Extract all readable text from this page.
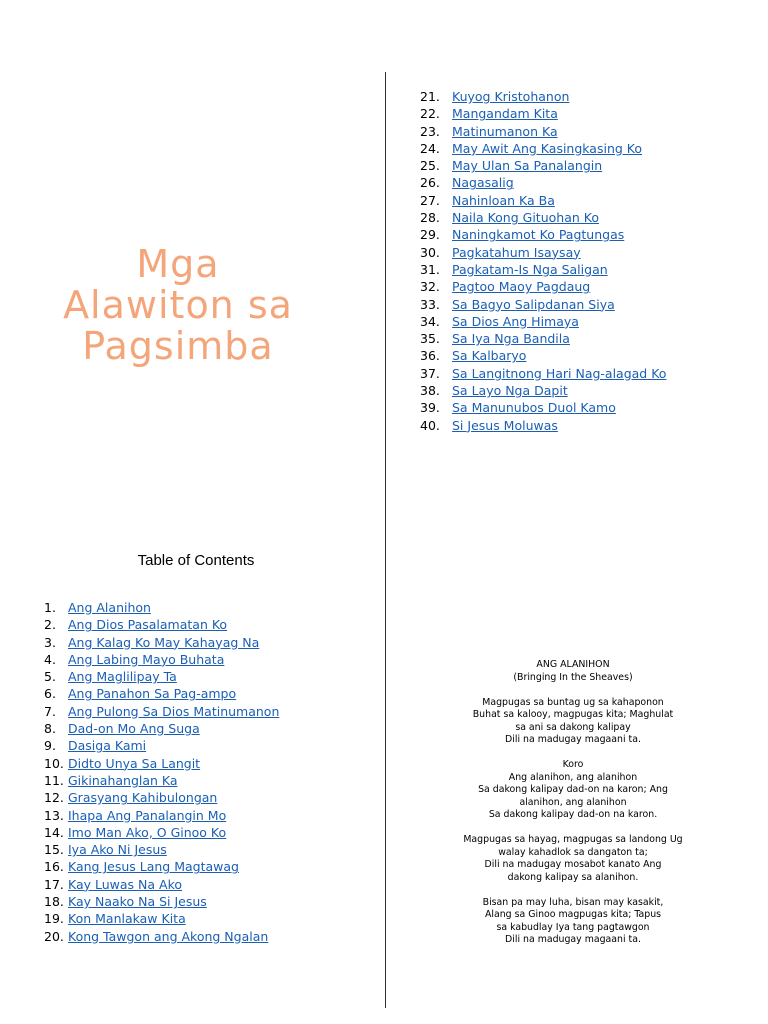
Mga
Alawiton sa
Pagsimba
Table of Contents
1. Ang Alanihon
2. Ang Dios Pasalamatan Ko
3. Ang Kalag Ko May Kahayag Na
4. Ang Labing Mayo Buhata
5. Ang Maglilipay Ta
6. Ang Panahon Sa Pag-ampo
7. Ang Pulong Sa Dios Matinumanon
8. Dad-on Mo Ang Suga
9. Dasiga Kami
10. Didto Unya Sa Langit
11. Gikinahanglan Ka
12. Grasyang Kahibulongan
13. Ihapa Ang Panalangin Mo
14. Imo Man Ako, O Ginoo Ko
15. Iya Ako Ni Jesus
16. Kang Jesus Lang Magtawag
17. Kay Luwas Na Ako
18. Kay Naako Na Si Jesus
19. Kon Manlakaw Kita
20. Kong Tawgon ang Akong Ngalan
21. Kuyog Kristohanon
22. Mangandam Kita
23. Matinumanon Ka
24. May Awit Ang Kasingkasing Ko
25. May Ulan Sa Panalangin
26. Nagasalig
27. Nahinloan Ka Ba
28. Naila Kong Gituohan Ko
29. Naningkamot Ko Pagtungas
30. Pagkatahum Isaysay
31. Pagkatam-Is Nga Saligan
32. Pagtoo Maoy Pagdaug
33. Sa Bagyo Salipdanan Siya
34. Sa Dios Ang Himaya
35. Sa Iya Nga Bandila
36. Sa Kalbaryo
37. Sa Langitnong Hari Nag-alagad Ko
38. Sa Layo Nga Dapit
39. Sa Manunubos Duol Kamo
40. Si Jesus Moluwas

ANG ALANIHON
(Bringing In the Sheaves)

Magpugas sa buntag ug sa kahaponon
Buhat sa kalooy, magpugas kita; Maghulat
sa ani sa dakong kalipay
Dili na madugay magaani ta.

Koro
Ang alanihon, ang alanihon
Sa dakong kalipay dad-on na karon; Ang
alanihon, ang alanihon
Sa dakong kalipay dad-on na karon.

Magpugas sa hayag, magpugas sa landong Ug
walay kahadlok sa dangaton ta;
Dili na madugay mosabot kanato Ang
dakong kalipay sa alanihon.

Bisan pa may luha, bisan may kasakit,
Alang sa Ginoo magpugas kita; Tapus
sa kabudlay Iya tang pagtawgon
Dili na madugay magaani ta.
